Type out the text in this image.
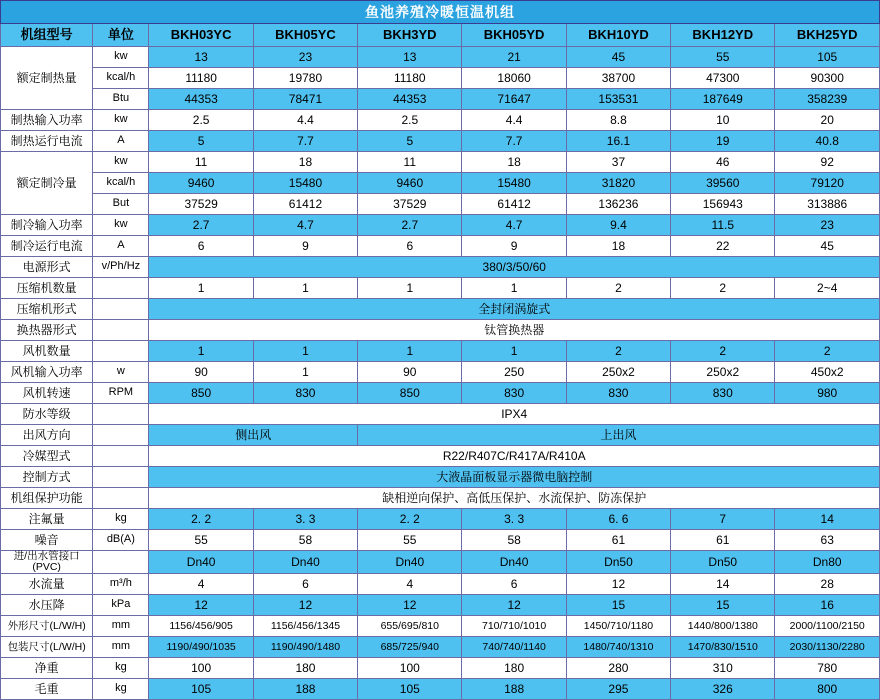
鱼池养殖冷暖恒温机组								
机组型号	单位	BKH03YC	BKH05YC	BKH3YD	BKH05YD	BKH10YD	BKH12YD	BKH25YD
额定制热量	kw	13	23	13	21	45	55	105
	kcal/h	11180	19780	11180	18060	38700	47300	90300
	Btu	44353	78471	44353	71647	153531	187649	358239
制热输入功率	kw	2.5	4.4	2.5	4.4	8.8	10	20
制热运行电流	A	5	7.7	5	7.7	16.1	19	40.8
额定制冷量	kw	11	18	11	18	37	46	92
	kcal/h	9460	15480	9460	15480	31820	39560	79120
	But	37529	61412	37529	61412	136236	156943	313886
制冷输入功率	kw	2.7	4.7	2.7	4.7	9.4	11.5	23
制冷运行电流	A	6	9	6	9	18	22	45
电源形式	v/Ph/Hz	380/3/50/60						
压缩机数量		1	1	1	1	2	2	2~4
压缩机形式		全封闭涡旋式						
换热器形式		钛管换热器						
风机数量		1	1	1	1	2	2	2
风机输入功率	w	90	1	90	250	250x2	250x2	450x2
风机转速	RPM	850	830	850	830	830	830	980
防水等级		IPX4						
出风方向		侧出风		上出风				
冷媒型式		R22/R407C/R417A/R410A						
控制方式		大液晶面板显示器微电脑控制						
机组保护功能		缺相逆向保护、高低压保护、水流保护、防冻保护						
注氟量	kg	2. 2	3. 3	2. 2	3. 3	6. 6	7	14
噪音	dB(A)	55	58	55	58	61	61	63
进/出水管接口(PVC)		Dn40	Dn40	Dn40	Dn40	Dn50	Dn50	Dn80
水流量	m³/h	4	6	4	6	12	14	28
水压降	kPa	12	12	12	12	15	15	16
外形尺寸(L/W/H)	mm	1156/456/905	1156/456/1345	655/695/810	710/710/1010	1450/710/1180	1440/800/1380	2000/1100/2150
包装尺寸(L/W/H)	mm	1190/490/1035	1190/490/1480	685/725/940	740/740/1140	1480/740/1310	1470/830/1510	2030/1130/2280
净重	kg	100	180	100	180	280	310	780
毛重	kg	105	188	105	188	295	326	800
